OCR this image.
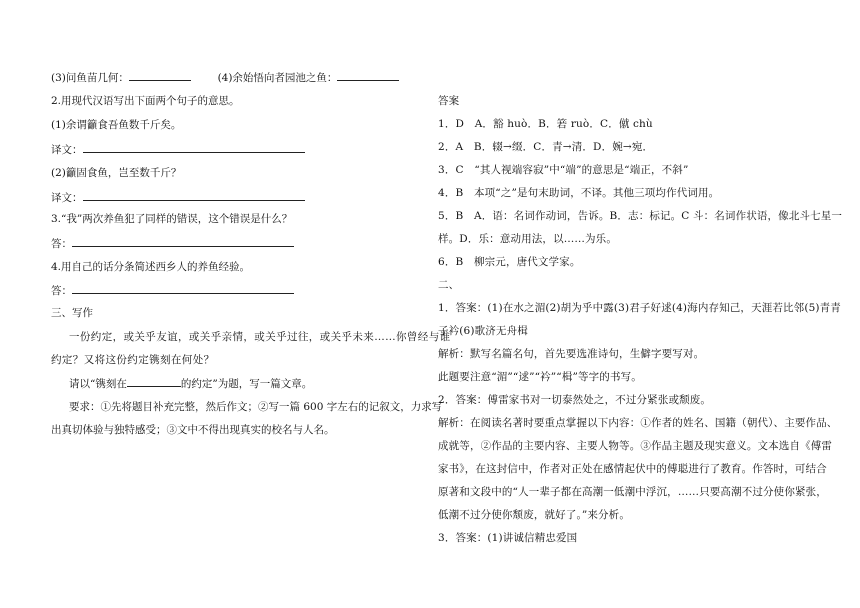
(3)问鱼苗几何：	(4)余始悟向者园池之鱼：
2.用现代汉语写出下面两个句子的意思。
(1)余谓籲食吾鱼数千斤矣。
译文：
(2)籲固食鱼，岂至数千斤？
译文：
3.“我”两次养鱼犯了同样的错误，这个错误是什么？
答：
4.用自己的话分条简述西乡人的养鱼经验。
答：
三、写作
一份约定，或关乎友谊，或关乎亲情，或关乎过往，或关乎未来……你曾经与谁
约定？又将这份约定镌刻在何处？
请以“镌刻在	的约定”为题，写一篇文章。
要求：①先将题目补充完整，然后作文；②写一篇 600 字左右的记叙文，力求写
出真切体验与独特感受；③文中不得出现真实的校名与人名。
答案
1．D　A．豁 huò．B．箬 ruò．C．僦 chù
2．A　B．辍→缀．C．青→清．D．婉→宛．
3．C　“其人视端容寂”中“端”的意思是“端正，不斜”
4．B　本项“之”是句末助词，不译。其他三项均作代词用。
5．B　A．语：名词作动词，告诉。B．志：标记。C 斗：名词作状语，像北斗七星一
样。D．乐：意动用法，以……为乐。
6．B　柳宗元，唐代文学家。
二、
1．答案：(1)在水之湄(2)胡为乎中露(3)君子好逑(4)海内存知己，天涯若比邻(5)青青
子衿(6)歌济无舟楫
解析：默写名篇名句，首先要选准诗句，生僻字要写对。
此题要注意“湄”“逑”“衿”“楫”等字的书写。
2．答案：傅雷家书对一切泰然处之，不过分紧张或颓废。
解析：在阅读名著时要重点掌握以下内容：①作者的姓名、国籍（朝代）、主要作品、
成就等，②作品的主要内容、主要人物等。③作品主题及现实意义。文本选自《傅雷
家书》，在这封信中，作者对正处在感情起伏中的傅聪进行了教育。作答时，可结合
原著和文段中的“人一辈子都在高潮一低潮中浮沉，……只要高潮不过分使你紧张，
低潮不过分使你颓废，就好了。”来分析。
3．答案：(1)讲诚信精忠爱国
